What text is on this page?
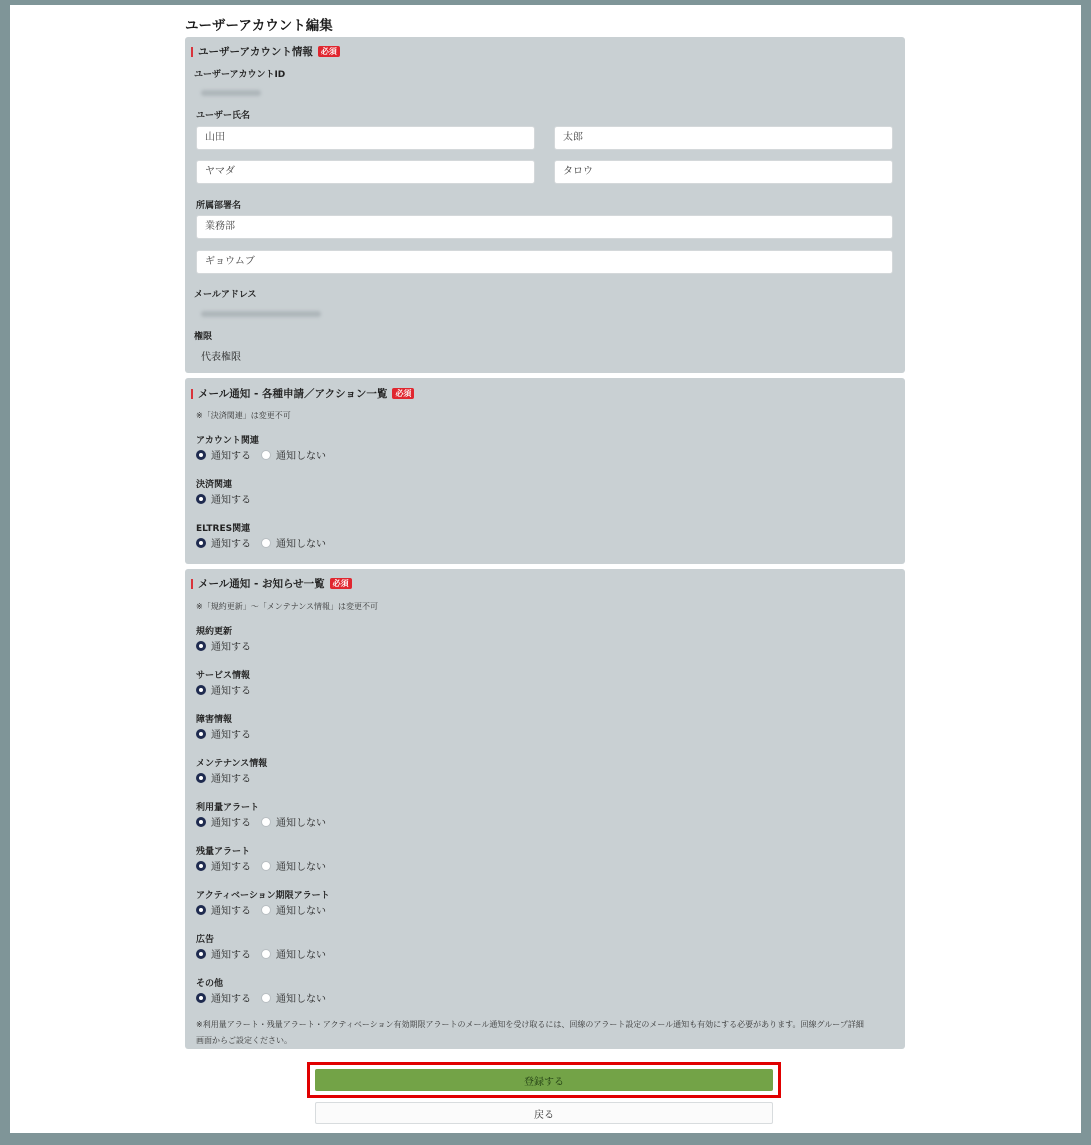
ユーザーアカウント編集
ユーザーアカウント情報	必須
ユーザーアカウントID
ユーザー氏名
山田	太郎
ヤマダ	タロウ
所属部署名
業務部
ギョウムブ
メールアドレス
権限
代表権限
メール通知 - 各種申請／アクション一覧	必須
※「決済関連」は変更不可
アカウント関連
通知する	通知しない
決済関連
通知する
ELTRES関連
通知する	通知しない
メール通知 - お知らせ一覧	必須
※「規約更新」～「メンテナンス情報」は変更不可
規約更新
通知する
サービス情報
通知する
障害情報
通知する
メンテナンス情報
通知する
利用量アラート
通知する	通知しない
残量アラート
通知する	通知しない
アクティベーション期限アラート
通知する	通知しない
広告
通知する	通知しない
その他
通知する	通知しない
※利用量アラート・残量アラート・アクティベーション有効期限アラートのメール通知を受け取るには、回線のアラート設定のメール通知も有効にする必要があります。回線グループ詳細
画面からご設定ください。
登録する
戻る
